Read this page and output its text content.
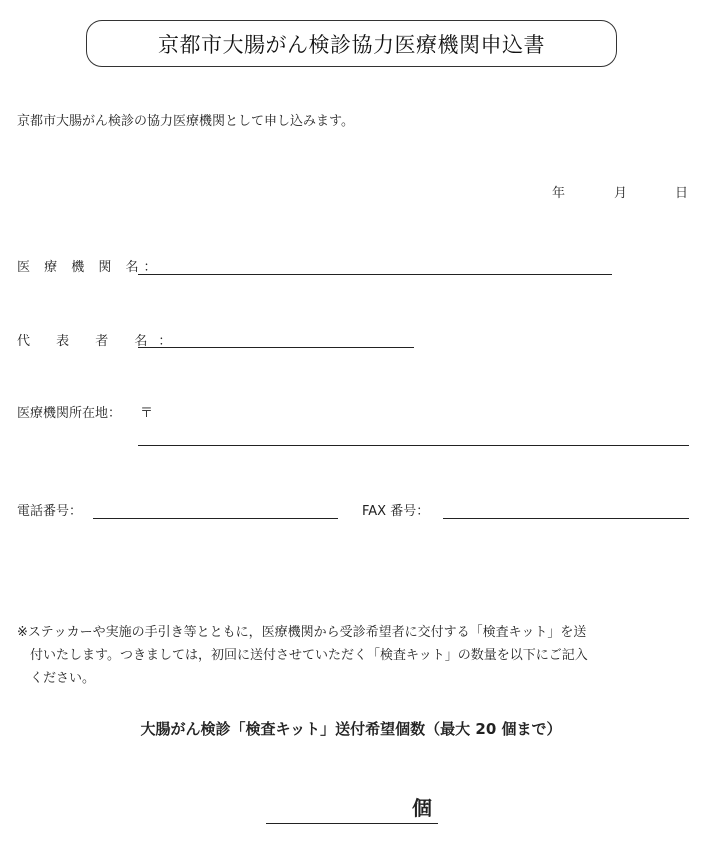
京都市大腸がん検診協力医療機関申込書
京都市大腸がん検診の協力医療機関として申し込みます。
年	月	日
医 療 機 関 名：
代 表 者 名：
医療機関所在地： 〒
電話番号：	FAX 番号：

※ステッカーや実施の手引き等とともに，医療機関から受診希望者に交付する「検査キット」を送

付いたします。つきましては，初回に送付させていただく「検査キット」の数量を以下にご記入

ください。

大腸がん検診「検査キット」送付希望個数（最大 20 個まで）
個
